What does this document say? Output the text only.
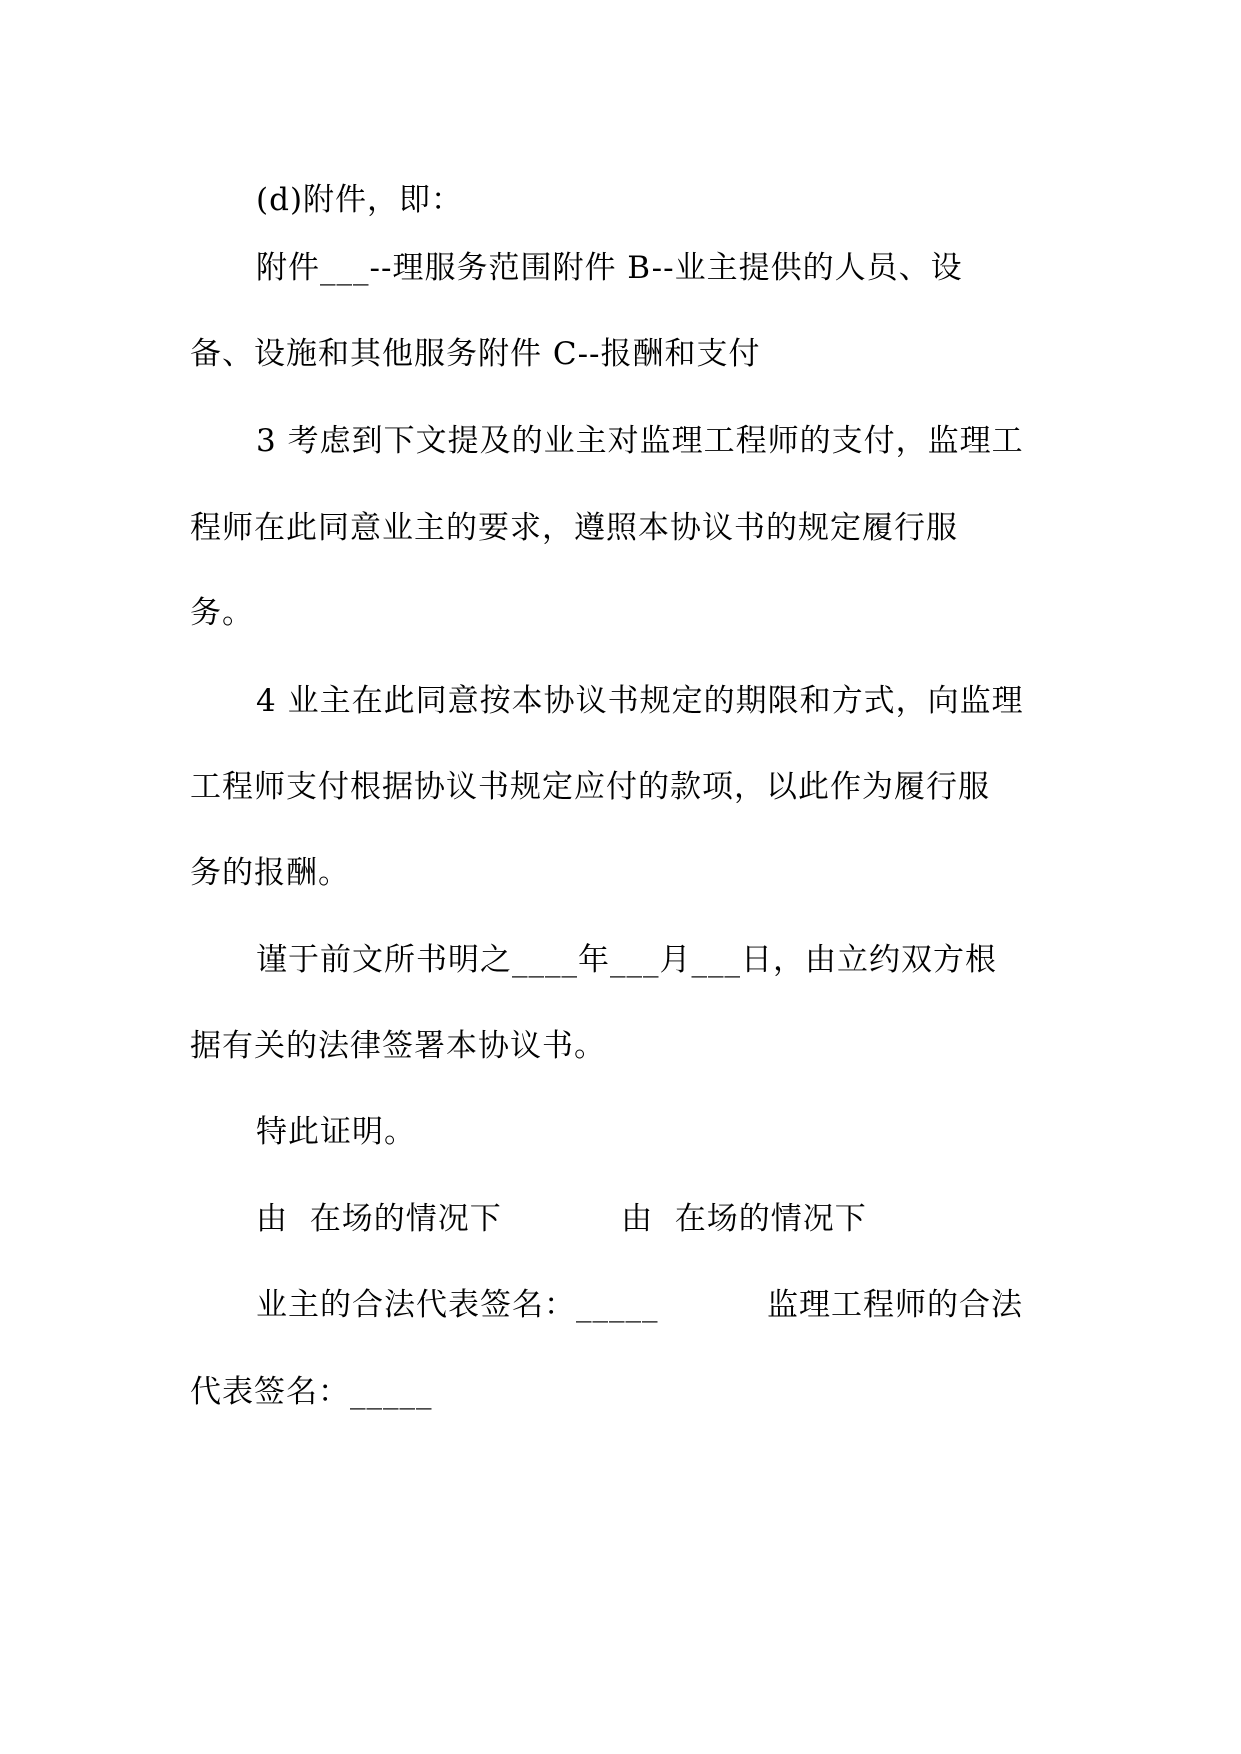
(d)附件，即：
附件___--理服务范围附件 B--业主提供的人员、设
备、设施和其他服务附件 C--报酬和支付
3 考虑到下文提及的业主对监理工程师的支付，监理工
程师在此同意业主的要求，遵照本协议书的规定履行服
务。
4 业主在此同意按本协议书规定的期限和方式，向监理
工程师支付根据协议书规定应付的款项，以此作为履行服
务的报酬。
谨于前文所书明之____年___月___日，由立约双方根
据有关的法律签署本协议书。
特此证明。
由  在场的情况下           由  在场的情况下
业主的合法代表签名：_____          监理工程师的合法
代表签名：_____
